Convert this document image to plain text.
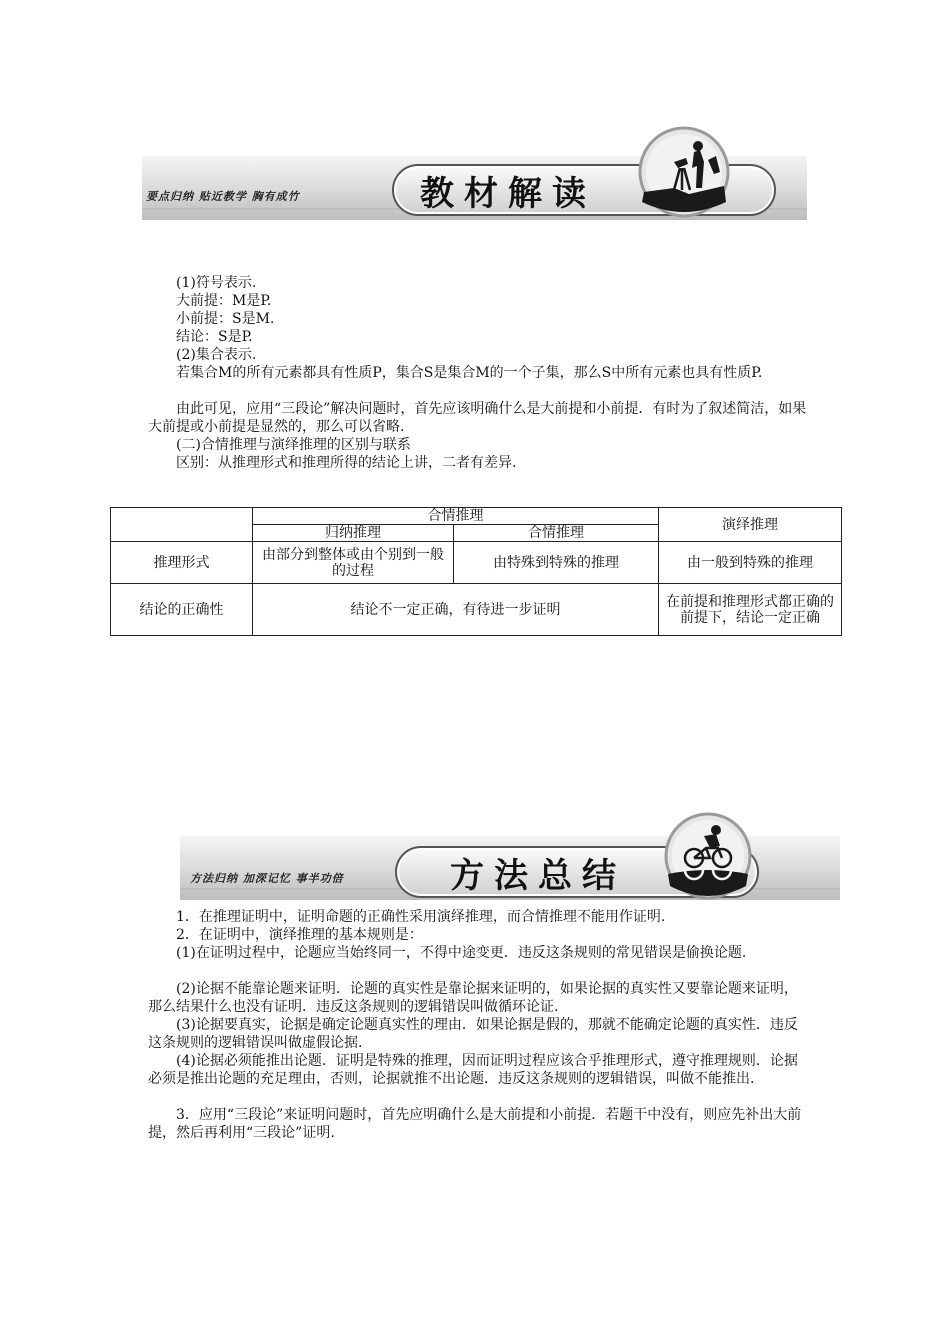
要点归纳 贴近教学 胸有成竹	教材解读
(1)符号表示.
大前提：M是P.
小前提：S是M.
结论：S是P.
(2)集合表示.
若集合M的所有元素都具有性质P，集合S是集合M的一个子集，那么S中所有元素也具有性质P.
由此可见，应用“三段论”解决问题时，首先应该明确什么是大前提和小前提．有时为了叙述简洁，如果大前提或小前提是显然的，那么可以省略.
(二)合情推理与演绎推理的区别与联系
区别：从推理形式和推理所得的结论上讲，二者有差异.
	合情推理		演绎推理
	归纳推理	合情推理	
推理形式	由部分到整体或由个别到一般的过程	由特殊到特殊的推理	由一般到特殊的推理
结论的正确性	结论不一定正确，有待进一步证明		在前提和推理形式都正确的前提下，结论一定正确
方法归纳 加深记忆 事半功倍	方法总结
1．在推理证明中，证明命题的正确性采用演绎推理，而合情推理不能用作证明.
2．在证明中，演绎推理的基本规则是：
(1)在证明过程中，论题应当始终同一，不得中途变更．违反这条规则的常见错误是偷换论题.
(2)论据不能靠论题来证明．论题的真实性是靠论据来证明的，如果论据的真实性又要靠论题来证明，那么结果什么也没有证明．违反这条规则的逻辑错误叫做循环论证.
(3)论据要真实，论据是确定论题真实性的理由．如果论据是假的，那就不能确定论题的真实性．违反这条规则的逻辑错误叫做虚假论据.
(4)论据必须能推出论题．证明是特殊的推理，因而证明过程应该合乎推理形式，遵守推理规则．论据必须是推出论题的充足理由，否则，论据就推不出论题．违反这条规则的逻辑错误，叫做不能推出.
3．应用“三段论”来证明问题时，首先应明确什么是大前提和小前提．若题干中没有，则应先补出大前提，然后再利用“三段论”证明.
